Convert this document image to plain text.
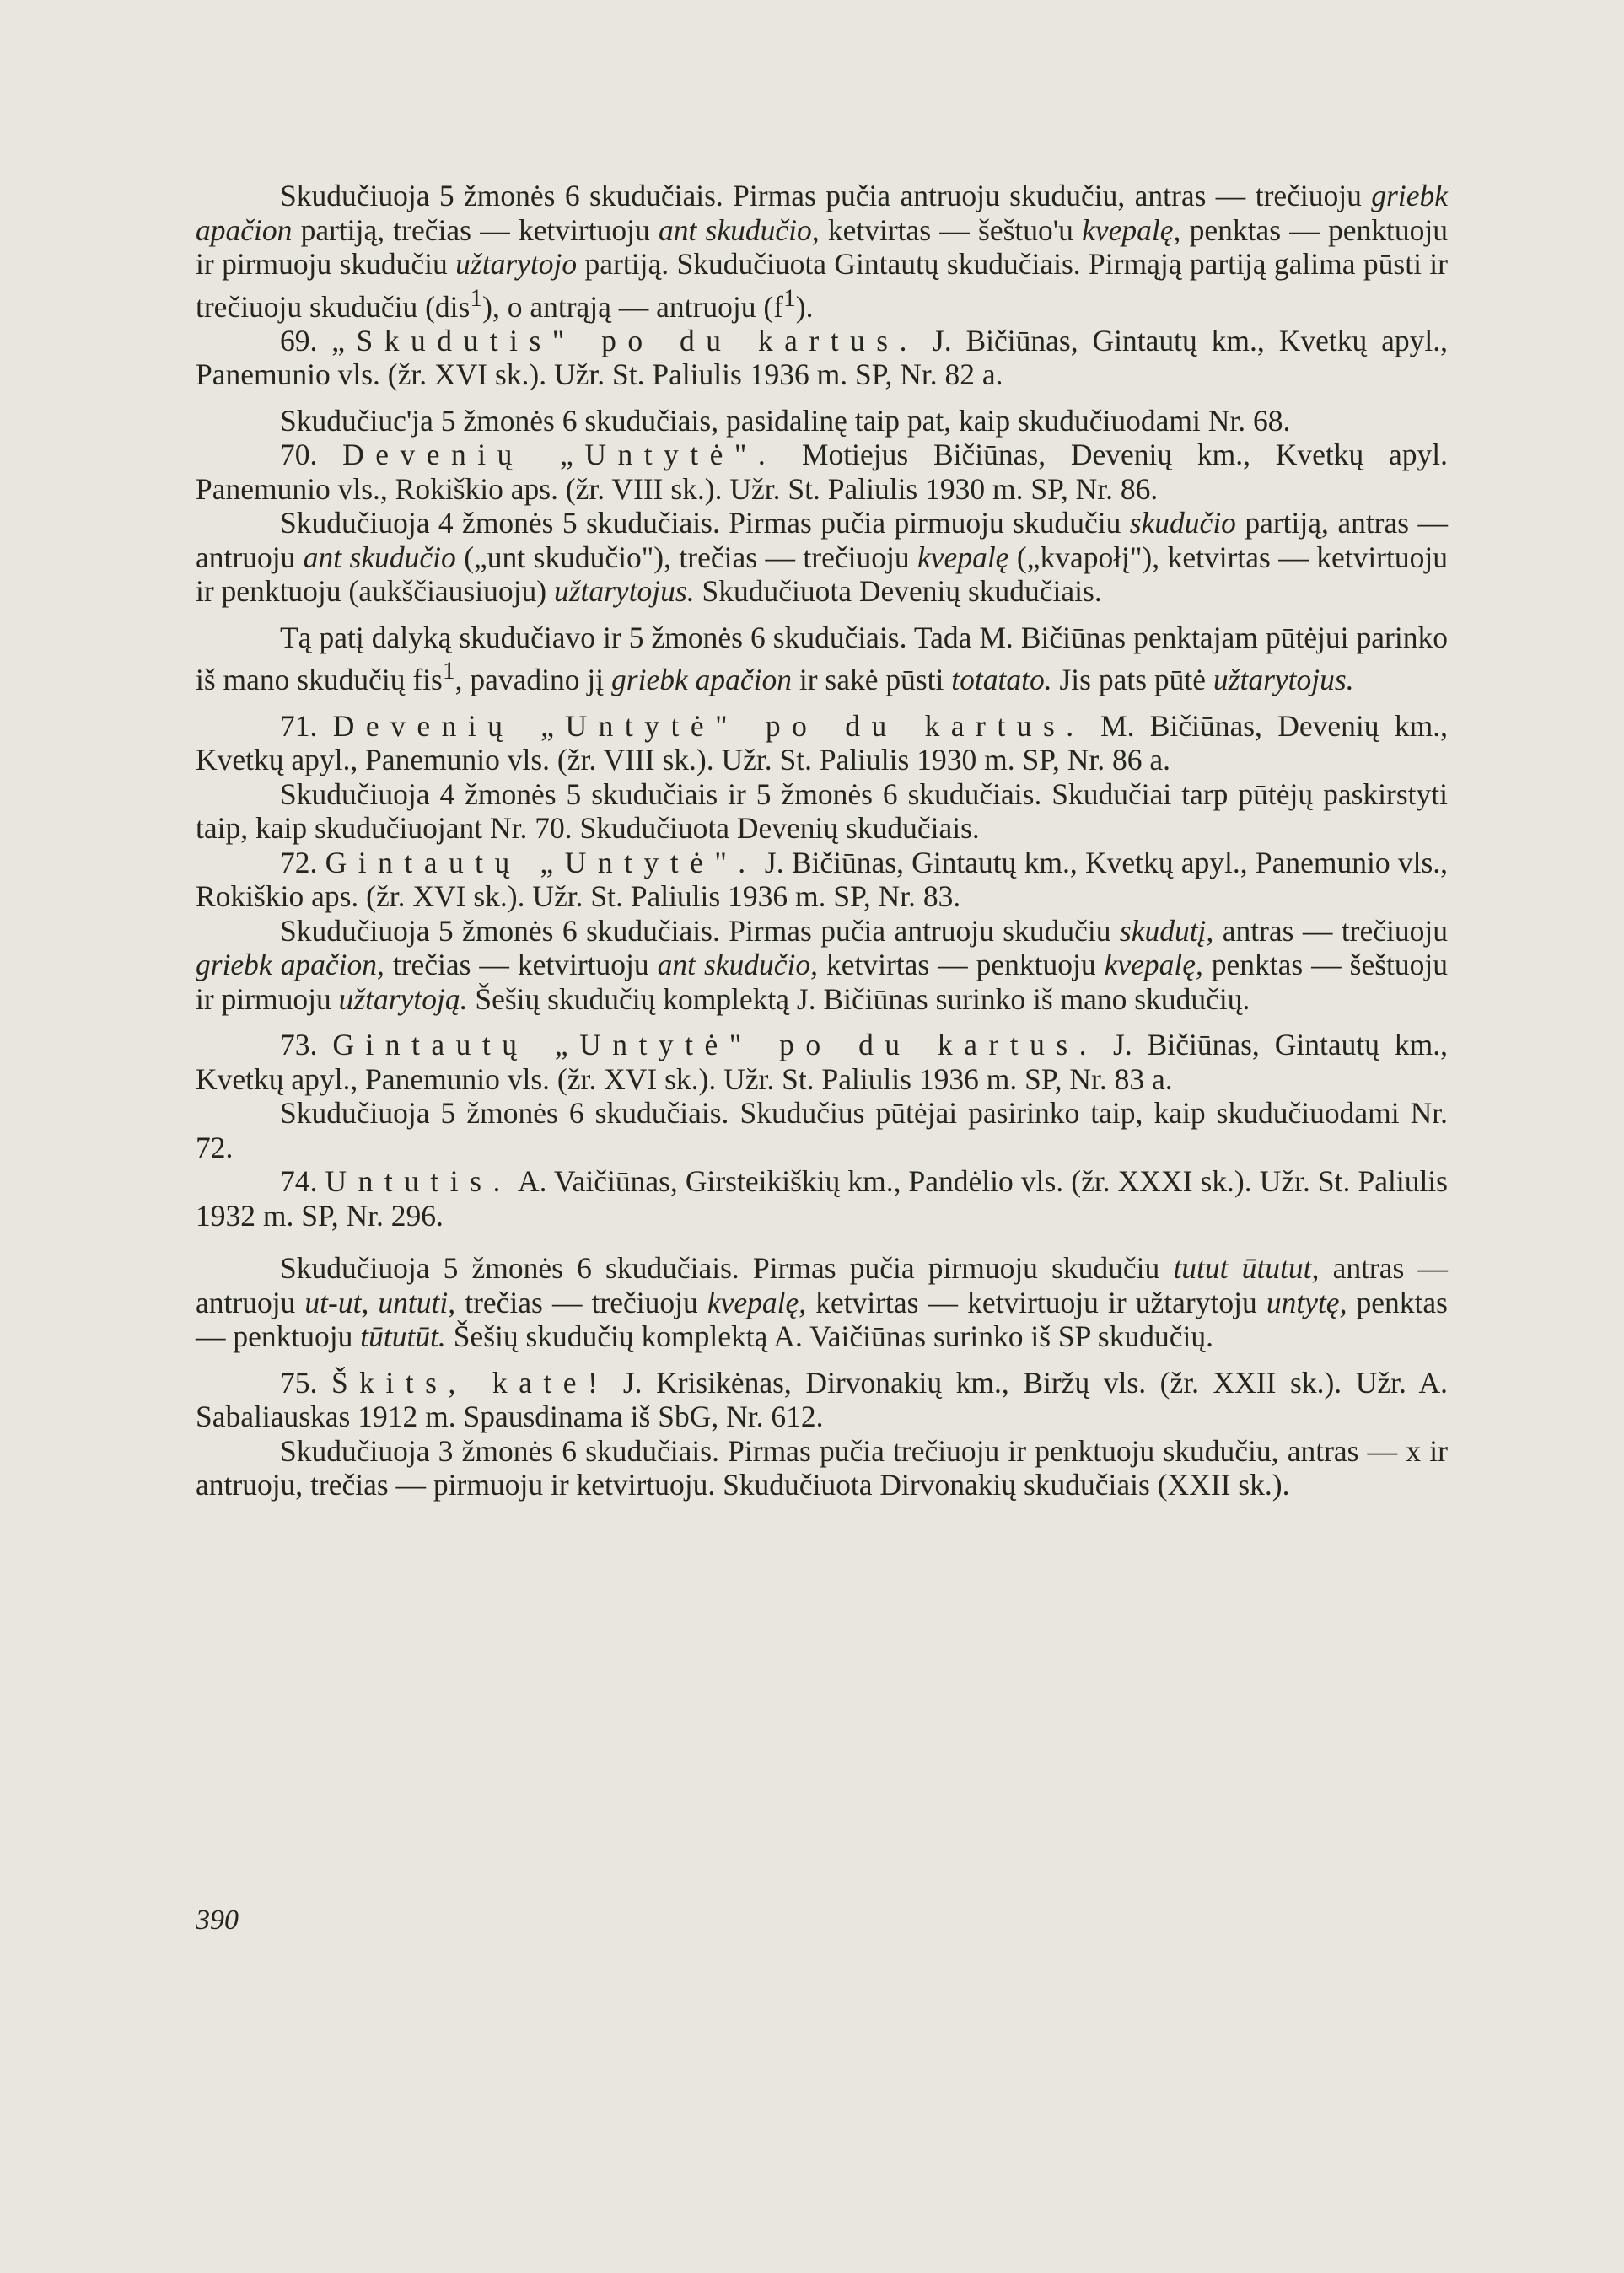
Skudučiuoja 5 žmonės 6 skudučiais. Pirmas pučia antruoju skudučiu, antras — trečiuoju griebk apačion partiją, trečias — ketvirtuoju ant skudučio, ketvirtas — šeštuo'u kvepalę, penktas — penktuoju ir pirmuoju skudučiu užtarytojo partiją. Skudučiuota Gintautų skudučiais. Pirmąją partiją galima pūsti ir trečiuoju skudučiu (dis$^1$), o antrąją — antruoju $(f^1)$.

69. „Skudutis" po du kartus. J. Bičiūnas, Gintautų km., Kvetkų apyl., Panemunio vls. (žr. XVI sk.). Užr. St. Paliulis 1936 m. SP, Nr. 82 a.

Skudučiuc'ja 5 žmonės 6 skudučiais, pasidalinę taip pat, kaip skudučiuodami Nr. 68.

70. Devenių „Untytė". Motiejus Bičiūnas, Devenių km., Kvetkų apyl. Panemunio vls., Rokiškio aps. (žr. VIII sk.). Užr. St. Paliulis 1930 m. SP, Nr. 86.

Skudučiuoja 4 žmonės 5 skudučiais. Pirmas pučia pirmuoju skudučiu skudučio partiją, antras — antruoju ant skudučio („unt skudučio"), trečias — trečiuoju kvepalę („kvapołį"), ketvirtas — ketvirtuoju ir penktuoju (aukščiausiuoju) užtarytojus. Skudučiuota Devenių skudučiais.

Tą patį dalyką skudučiavo ir 5 žmonės 6 skudučiais. Tada M. Bičiūnas penktajam pūtėjui parinko iš mano skudučių fis$^1$, pavadino jį griebk apačion ir sakė pūsti totatato. Jis pats pūtė užtarytojus.

71. Devenių „Untytė" po du kartus. M. Bičiūnas, Devenių km., Kvetkų apyl., Panemunio vls. (žr. VIII sk.). Užr. St. Paliulis 1930 m. SP, Nr. 86 a.

Skudučiuoja 4 žmonės 5 skudučiais ir 5 žmonės 6 skudučiais. Skudučiai tarp pūtėjų paskirstyti taip, kaip skudučiuojant Nr. 70. Skudučiuota Devenių skudučiais.

72. Gintautų „Untytė". J. Bičiūnas, Gintautų km., Kvetkų apyl., Panemunio vls., Rokiškio aps. (žr. XVI sk.). Užr. St. Paliulis 1936 m. SP, Nr. 83.

Skudučiuoja 5 žmonės 6 skudučiais. Pirmas pučia antruoju skudučiu skudutį, antras — trečiuoju griebk apačion, trečias — ketvirtuoju ant skudučio, ketvirtas — penktuoju kvepalę, penktas — šeštuoju ir pirmuoju užtarytoją. Šešių skudučių komplektą J. Bičiūnas surinko iš mano skudučių.

73. Gintautų „Untytė" po du kartus. J. Bičiūnas, Gintautų km., Kvetkų apyl., Panemunio vls. (žr. XVI sk.). Užr. St. Paliulis 1936 m. SP, Nr. 83 a.

Skudučiuoja 5 žmonės 6 skudučiais. Skudučius pūtėjai pasirinko taip, kaip skudučiuodami Nr. 72.

74. Untutis. A. Vaičiūnas, Girsteikiškių km., Pandėlio vls. (žr. XXXI sk.). Užr. St. Paliulis 1932 m. SP, Nr. 296.

Skudučiuoja 5 žmonės 6 skudučiais. Pirmas pučia pirmuoju skudučiu tutut ūtutut, antras — antruoju ut-ut, untuti, trečias — trečiuoju kvepalę, ketvirtas — ketvirtuoju ir užtarytoju untytę, penktas — penktuoju tūtutūt. Šešių skudučių komplektą A. Vaičiūnas surinko iš SP skudučių.

75. Škits, kate! J. Krisikėnas, Dirvonakių km., Biržų vls. (žr. XXII sk.). Užr. A. Sabaliauskas 1912 m. Spausdinama iš SbG, Nr. 612.

Skudučiuoja 3 žmonės 6 skudučiais. Pirmas pučia trečiuoju ir penktuoju skudučiu, antras — x ir antruoju, trečias — pirmuoju ir ketvirtuoju. Skudučiuota Dirvonakių skudučiais (XXII sk.).

390
